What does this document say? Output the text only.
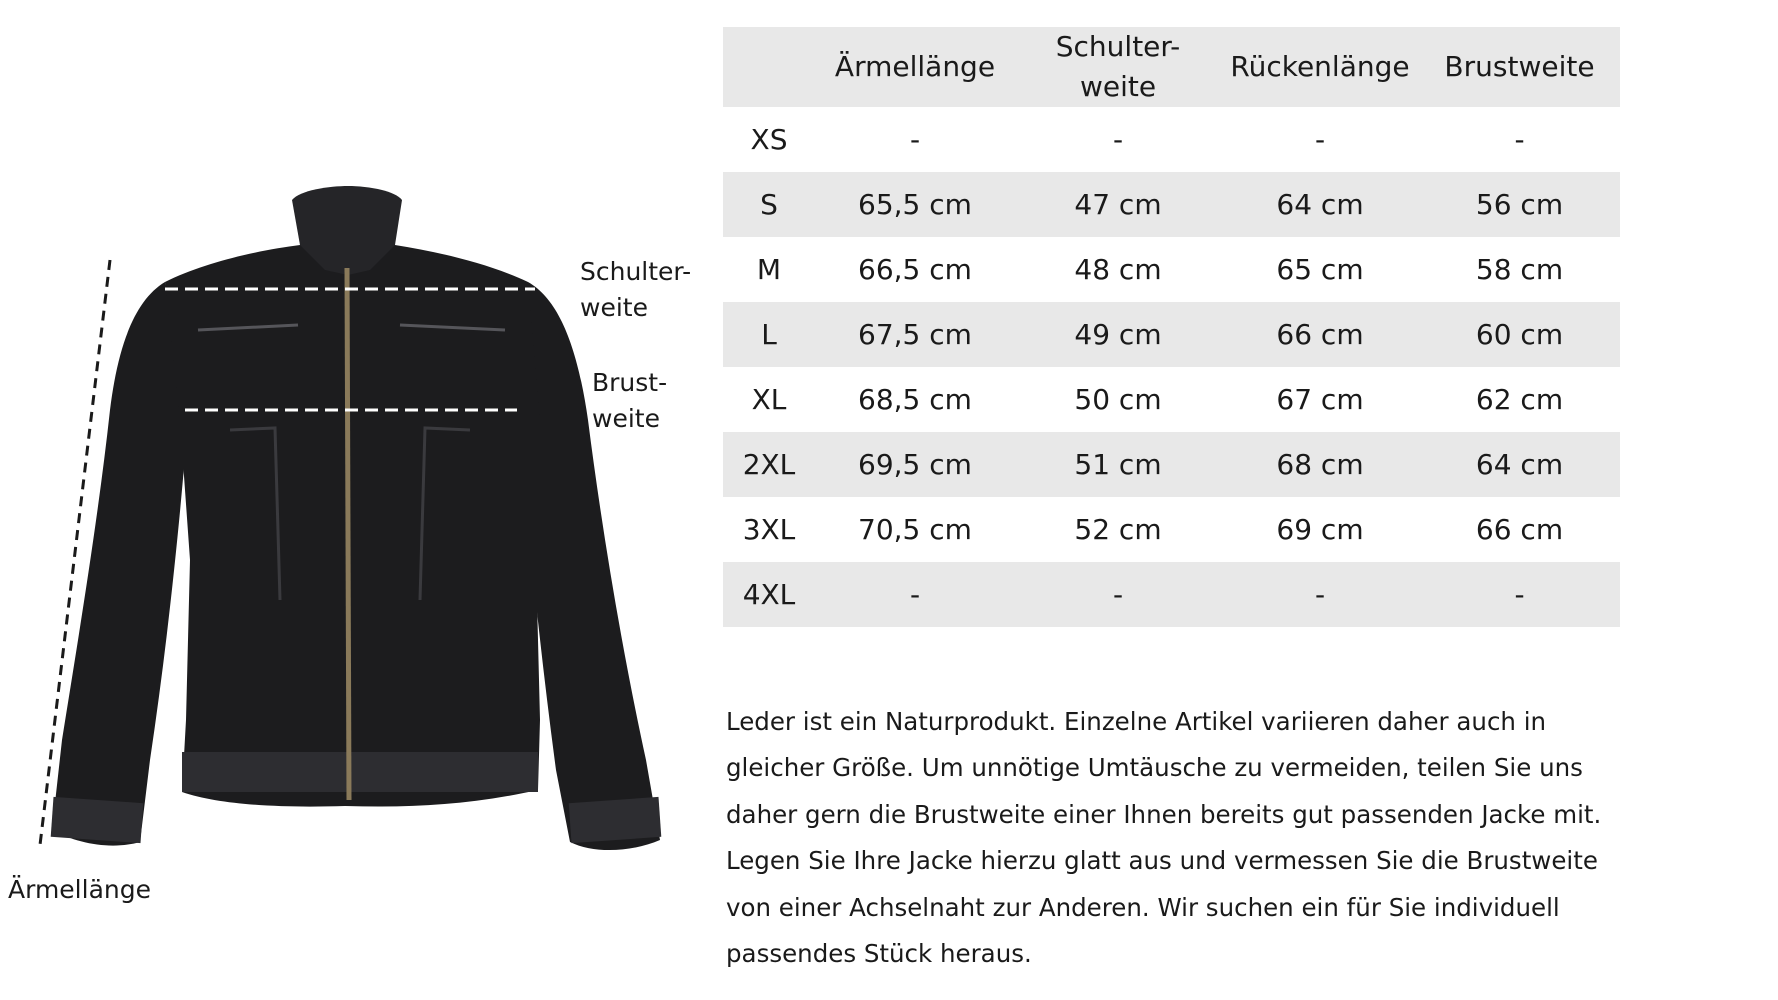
Schulter-
weite
Brust-
weite
Ärmellänge
	Ärmellänge	Schulter-
weite	Rückenlänge	Brustweite
XS	-	-	-	-
S	65,5 cm	47 cm	64 cm	56 cm
M	66,5 cm	48 cm	65 cm	58 cm
L	67,5 cm	49 cm	66 cm	60 cm
XL	68,5 cm	50 cm	67 cm	62 cm
2XL	69,5 cm	51 cm	68 cm	64 cm
3XL	70,5 cm	52 cm	69 cm	66 cm
4XL	-	-	-	-

Leder ist ein Naturprodukt. Einzelne Artikel variieren daher auch in gleicher Größe. Um unnötige Umtäusche zu vermeiden, teilen Sie uns daher gern die Brustweite einer Ihnen bereits gut passenden Jacke mit. Legen Sie Ihre Jacke hierzu glatt aus und vermessen Sie die Brustweite von einer Achselnaht zur Anderen. Wir suchen ein für Sie individuell passendes Stück heraus.
